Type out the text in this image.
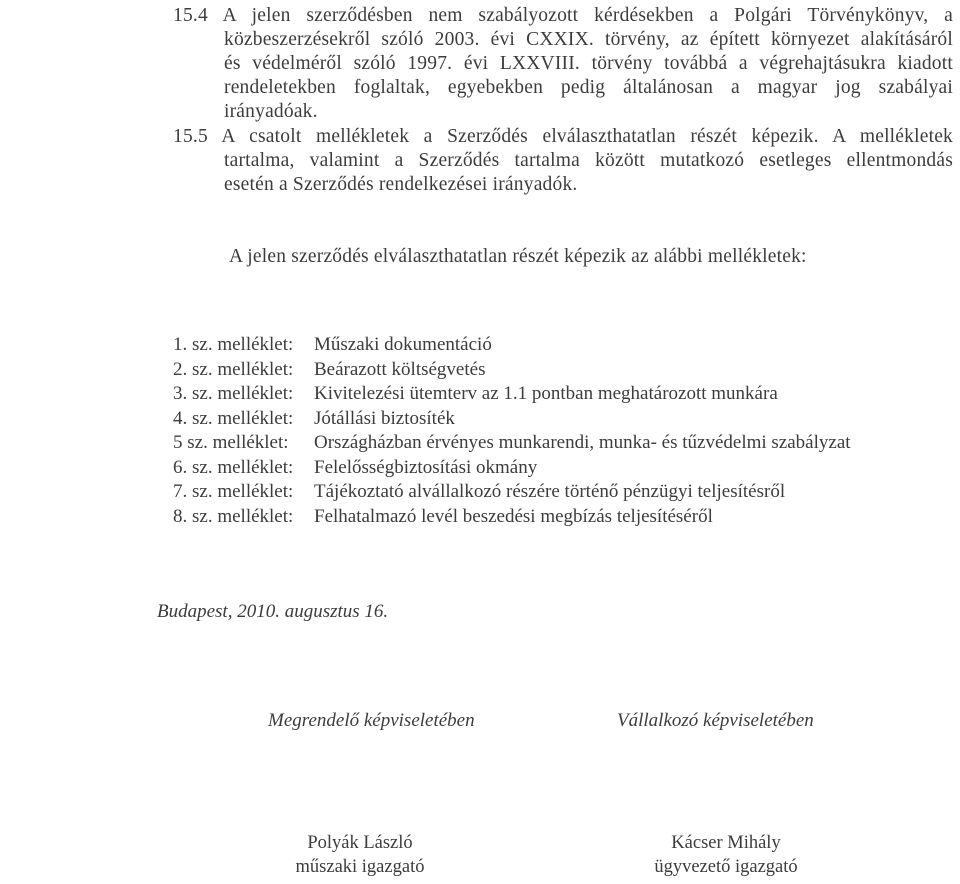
15.4 A jelen szerződésben nem szabályozott kérdésekben a Polgári Törvénykönyv, a
közbeszerzésekről szóló 2003. évi CXXIX. törvény, az épített környezet alakításáról
és védelméről szóló 1997. évi LXXVIII. törvény továbbá a végrehajtásukra kiadott
rendeletekben foglaltak, egyebekben pedig általánosan a magyar jog szabályai
irányadóak.
15.5 A csatolt mellékletek a Szerződés elválaszthatatlan részét képezik. A mellékletek
tartalma, valamint a Szerződés tartalma között mutatkozó esetleges ellentmondás
esetén a Szerződés rendelkezései irányadók.
A jelen szerződés elválaszthatatlan részét képezik az alábbi mellékletek:
1. sz. melléklet: Műszaki dokumentáció
2. sz. melléklet: Beárazott költségvetés
3. sz. melléklet: Kivitelezési ütemterv az 1.1 pontban meghatározott munkára
4. sz. melléklet: Jótállási biztosíték
5 sz. melléklet: Országházban érvényes munkarendi, munka- és tűzvédelmi szabályzat
6. sz. melléklet: Felelősségbiztosítási okmány
7. sz. melléklet: Tájékoztató alvállalkozó részére történő pénzügyi teljesítésről
8. sz. melléklet: Felhatalmazó levél beszedési megbízás teljesítéséről
Budapest, 2010. augusztus 16.
Megrendelő képviseletében	Vállalkozó képviseletében
Polyák László
műszaki igazgató
Kácser Mihály
ügyvezető igazgató
